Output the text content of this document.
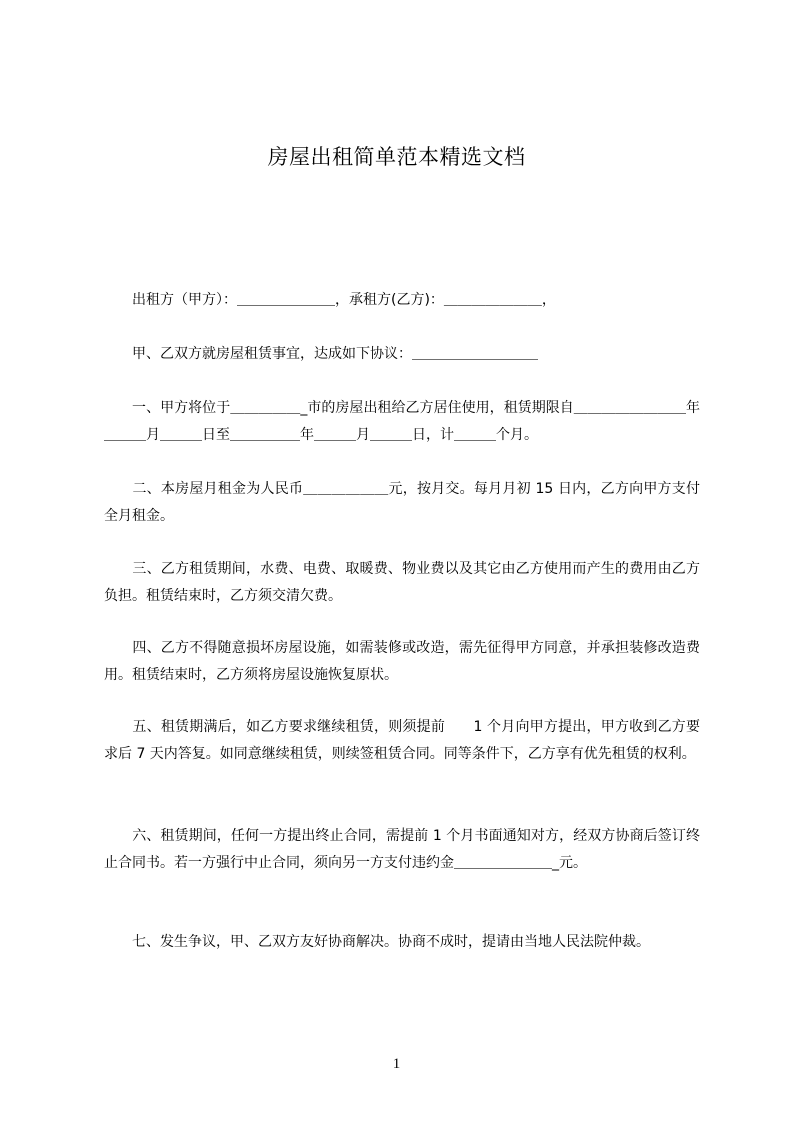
房屋出租简单范本精选文档
　　出租方（甲方）：＿＿＿＿＿＿＿，承租方(乙方)：＿＿＿＿＿＿＿，
　　甲、乙双方就房屋租赁事宜，达成如下协议：＿＿＿＿＿＿＿＿＿
　　一、甲方将位于＿＿＿＿＿_市的房屋出租给乙方居住使用，租赁期限自＿＿＿＿＿＿＿＿年＿＿＿月＿＿＿日至＿＿＿＿＿年＿＿＿月＿＿＿日，计＿＿＿个月。
　　二、本房屋月租金为人民币＿＿＿＿＿＿元，按月交。每月月初 15 日内，乙方向甲方支付全月租金。
　　三、乙方租赁期间，水费、电费、取暖费、物业费以及其它由乙方使用而产生的费用由乙方负担。租赁结束时，乙方须交清欠费。
　　四、乙方不得随意损坏房屋设施，如需装修或改造，需先征得甲方同意，并承担装修改造费用。租赁结束时，乙方须将房屋设施恢复原状。
　　五、租赁期满后，如乙方要求继续租赁，则须提前　　1 个月向甲方提出，甲方收到乙方要求后 7 天内答复。如同意继续租赁，则续签租赁合同。同等条件下，乙方享有优先租赁的权利。
　　六、租赁期间，任何一方提出终止合同，需提前 1 个月书面通知对方，经双方协商后签订终止合同书。若一方强行中止合同，须向另一方支付违约金＿＿＿＿＿＿＿_元。
　　七、发生争议，甲、乙双方友好协商解决。协商不成时，提请由当地人民法院仲裁。
1
